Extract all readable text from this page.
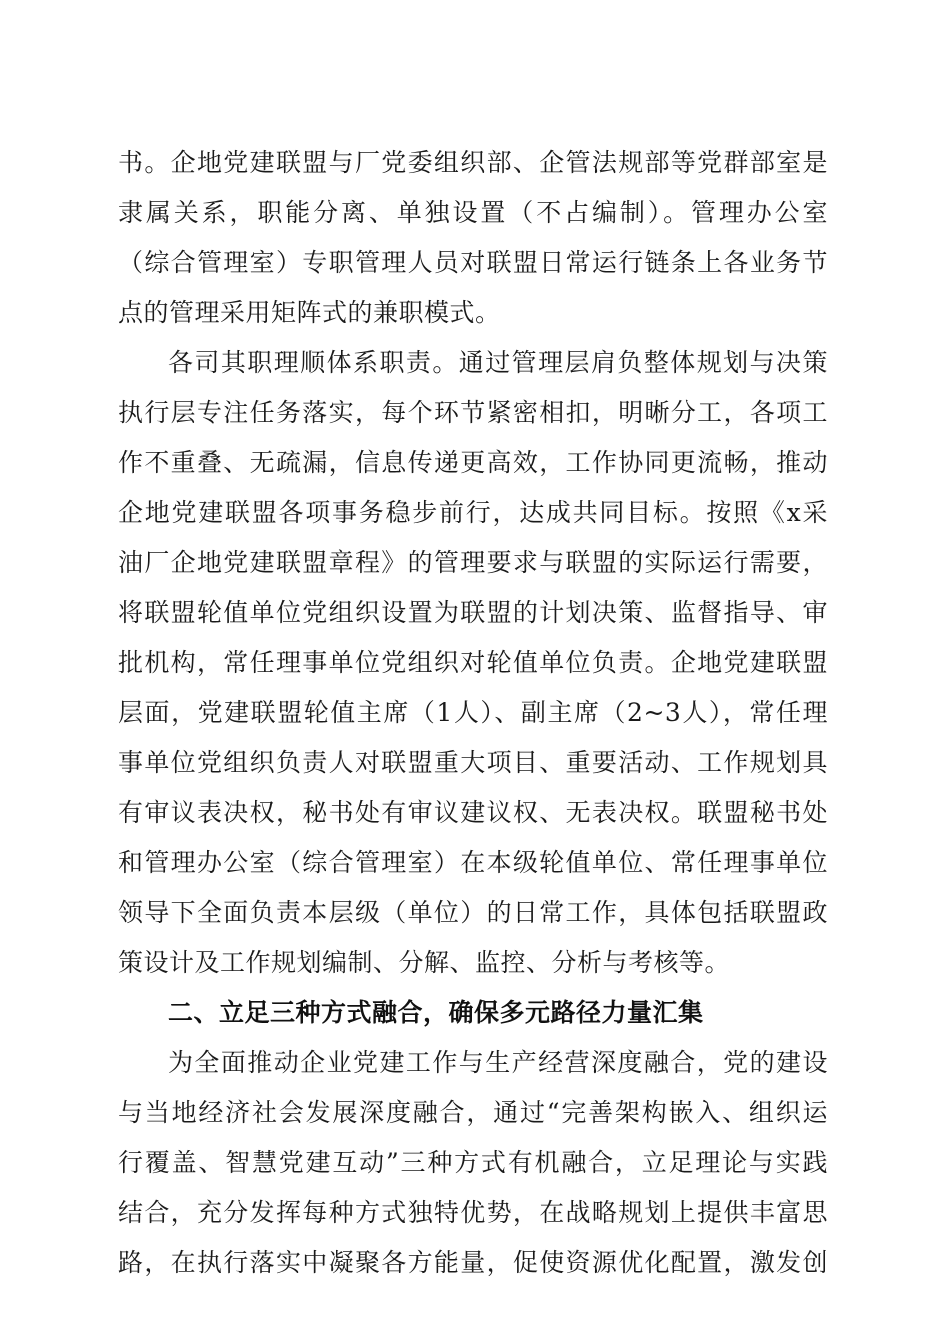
书。企地党建联盟与厂党委组织部、企管法规部等党群部室是
隶属关系，职能分离、单独设置（不占编制）。管理办公室
（综合管理室）专职管理人员对联盟日常运行链条上各业务节
点的管理采用矩阵式的兼职模式。
各司其职理顺体系职责。通过管理层肩负整体规划与决策
执行层专注任务落实，每个环节紧密相扣，明晰分工，各项工
作不重叠、无疏漏，信息传递更高效，工作协同更流畅，推动
企地党建联盟各项事务稳步前行，达成共同目标。按照《x采
油厂企地党建联盟章程》的管理要求与联盟的实际运行需要，
将联盟轮值单位党组织设置为联盟的计划决策、监督指导、审
批机构，常任理事单位党组织对轮值单位负责。企地党建联盟
层面，党建联盟轮值主席（1人）、副主席（2~3人），常任理
事单位党组织负责人对联盟重大项目、重要活动、工作规划具
有审议表决权，秘书处有审议建议权、无表决权。联盟秘书处
和管理办公室（综合管理室）在本级轮值单位、常任理事单位
领导下全面负责本层级（单位）的日常工作，具体包括联盟政
策设计及工作规划编制、分解、监控、分析与考核等。
二、立足三种方式融合，确保多元路径力量汇集
为全面推动企业党建工作与生产经营深度融合，党的建设
与当地经济社会发展深度融合，通过“完善架构嵌入、组织运
行覆盖、智慧党建互动”三种方式有机融合，立足理论与实践
结合，充分发挥每种方式独特优势，在战略规划上提供丰富思
路，在执行落实中凝聚各方能量，促使资源优化配置，激发创
